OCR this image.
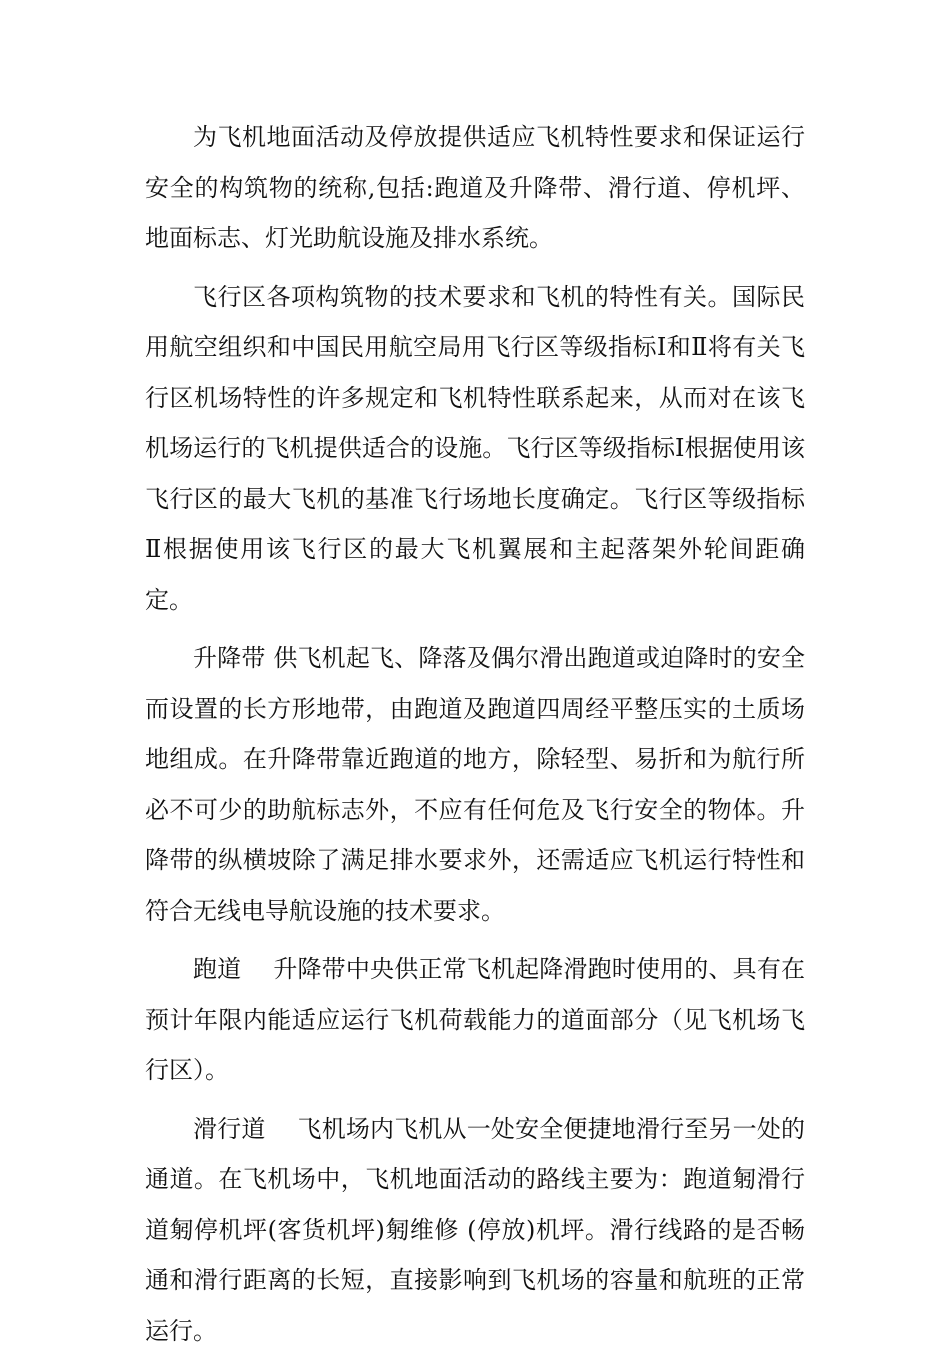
为飞机地面活动及停放提供适应飞机特性要求和保证运行安全的构筑物的统称,包括:跑道及升降带、滑行道、停机坪、地面标志、灯光助航设施及排水系统。

飞行区各项构筑物的技术要求和飞机的特性有关。国际民用航空组织和中国民用航空局用飞行区等级指标Ⅰ和Ⅱ将有关飞行区机场特性的许多规定和飞机特性联系起来，从而对在该飞机场运行的飞机提供适合的设施。飞行区等级指标Ⅰ根据使用该飞行区的最大飞机的基准飞行场地长度确定。飞行区等级指标Ⅱ根据使用该飞行区的最大飞机翼展和主起落架外轮间距确定。

升降带 供飞机起飞、降落及偶尔滑出跑道或迫降时的安全而设置的长方形地带，由跑道及跑道四周经平整压实的土质场地组成。在升降带靠近跑道的地方，除轻型、易折和为航行所必不可少的助航标志外，不应有任何危及飞行安全的物体。升降带的纵横坡除了满足排水要求外，还需适应飞机运行特性和符合无线电导航设施的技术要求。

跑道　 升降带中央供正常飞机起降滑跑时使用的、具有在预计年限内能适应运行飞机荷载能力的道面部分（见飞机场飞行区）。

滑行道　 飞机场内飞机从一处安全便捷地滑行至另一处的通道。在飞机场中，飞机地面活动的路线主要为：跑道匑滑行道匑停机坪(客货机坪)匑维修 (停放)机坪。滑行线路的是否畅通和滑行距离的长短，直接影响到飞机场的容量和航班的正常运行。
